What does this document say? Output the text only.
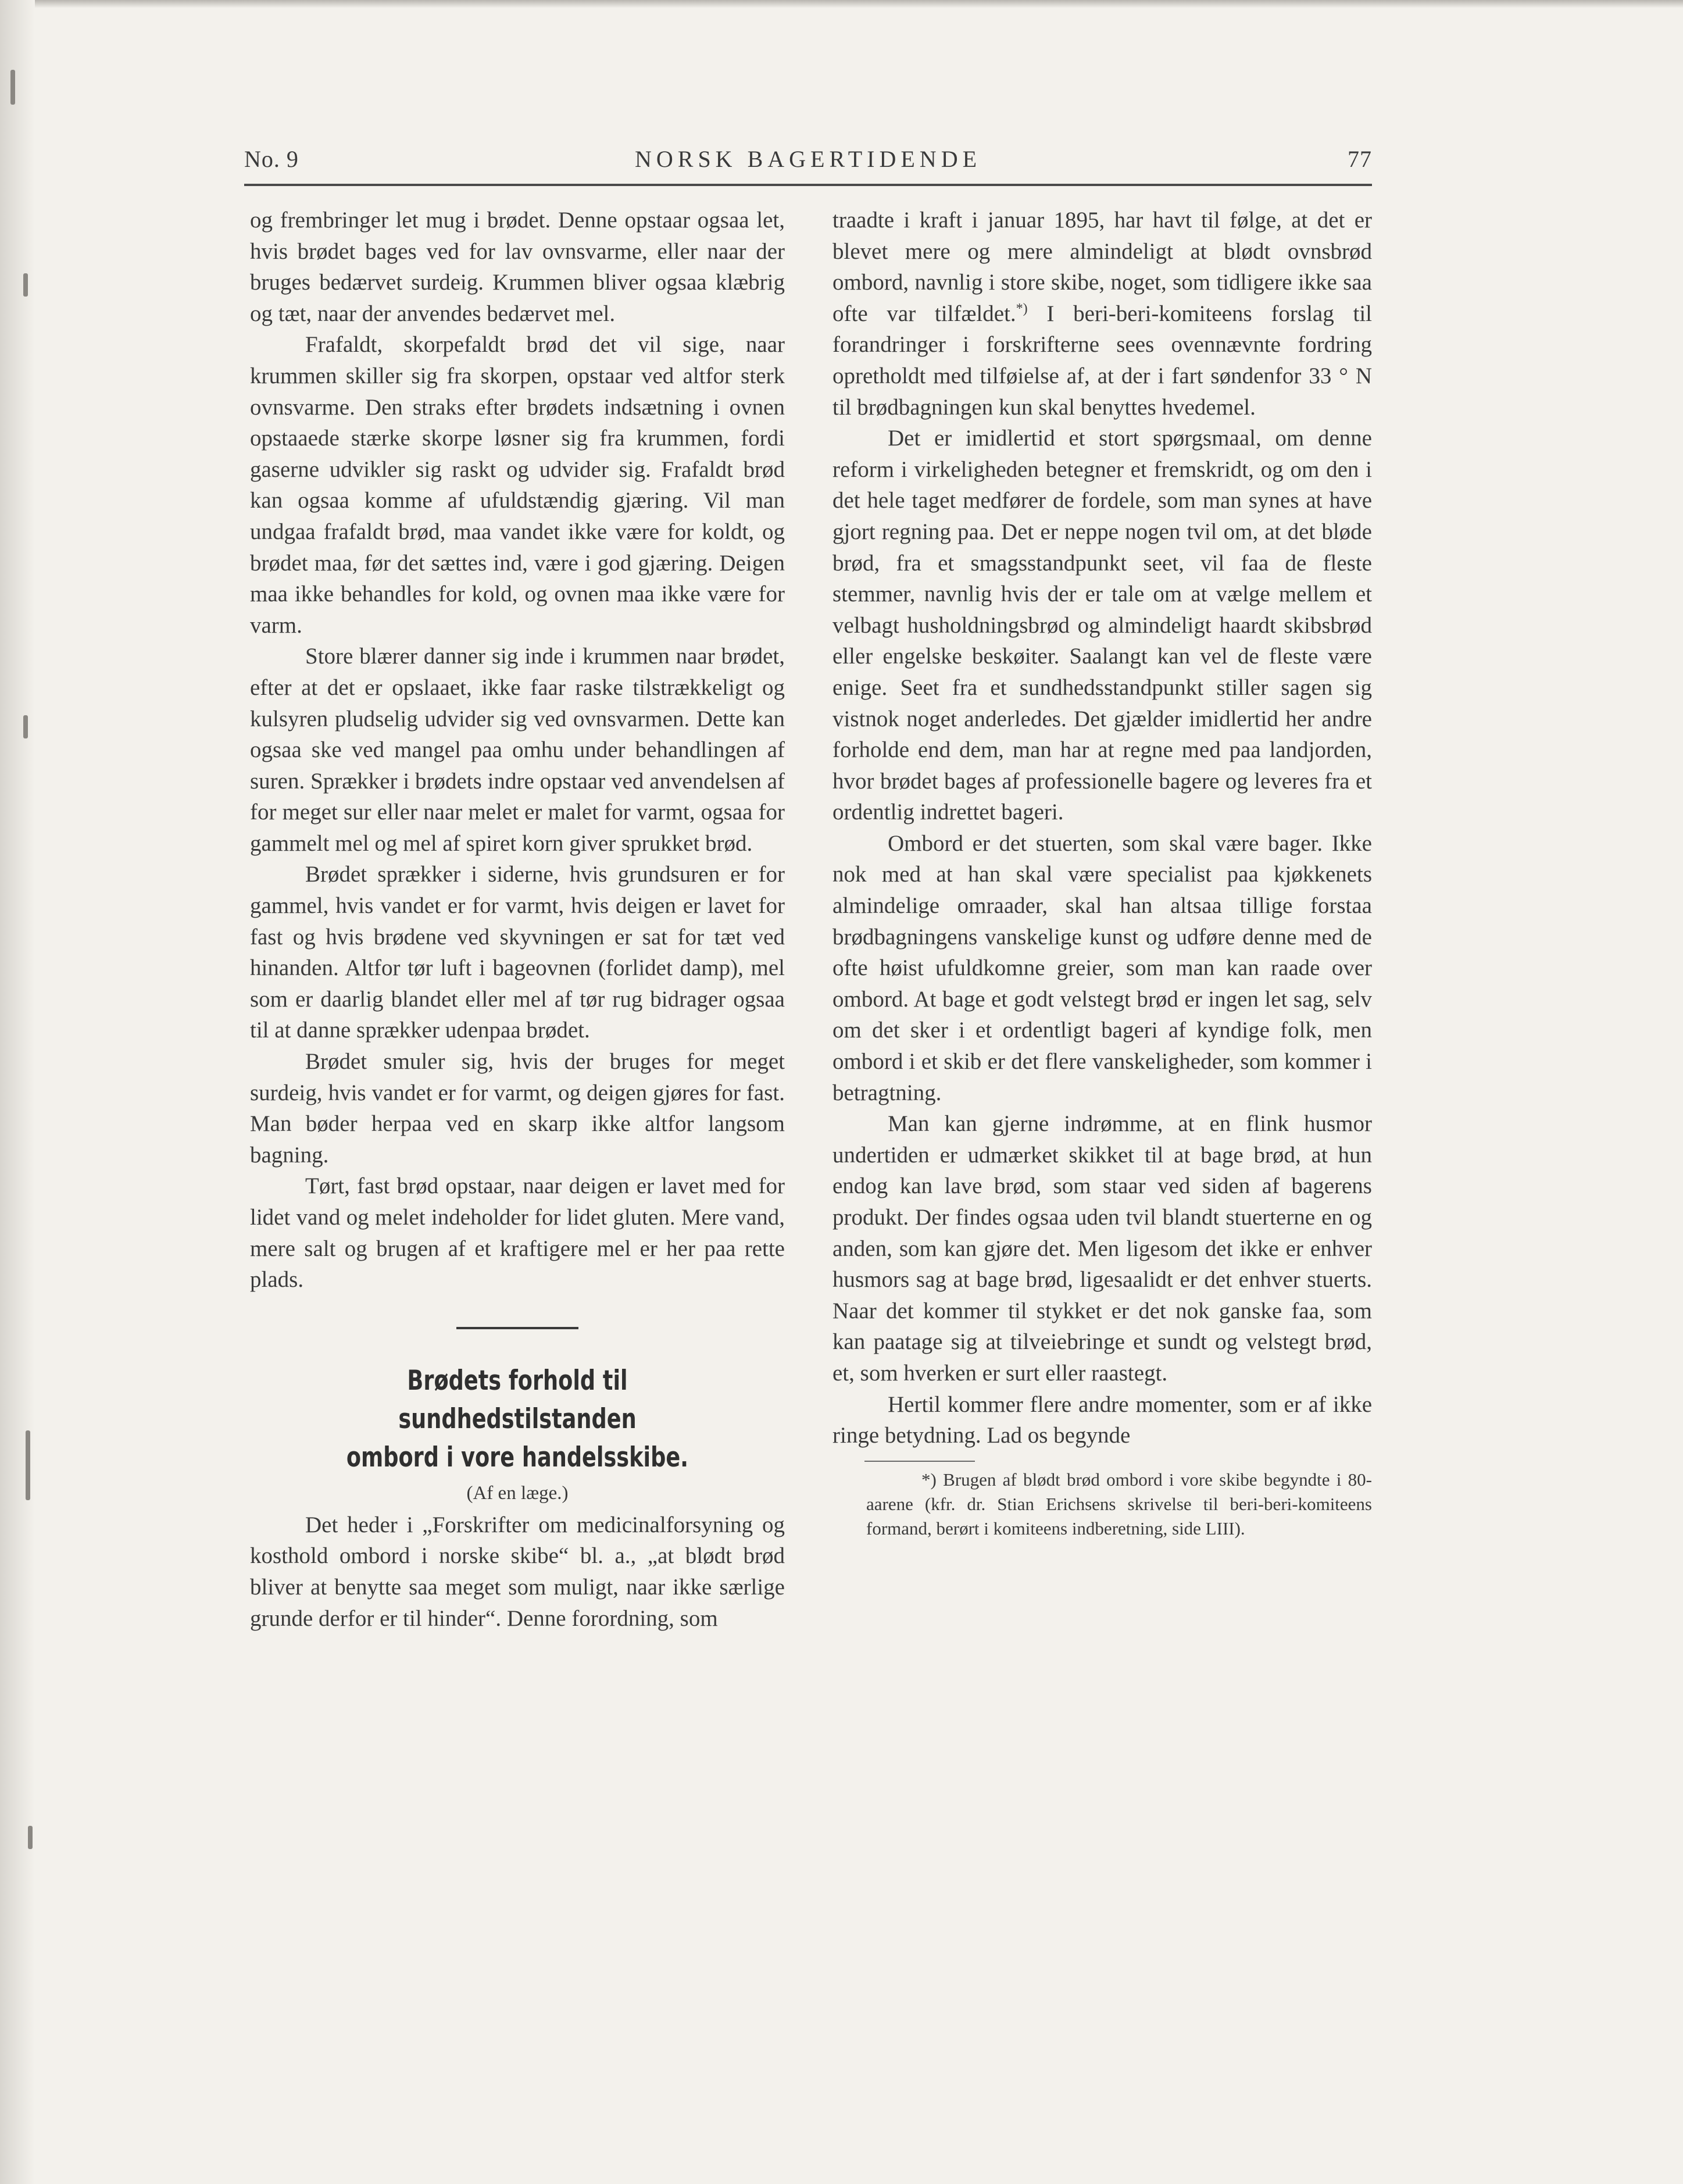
No. 9	NORSK BAGERTIDENDE	77

og frembringer let mug i brødet. Denne opstaar ogsaa let, hvis brødet bages ved for lav ovnsvarme, eller naar der bruges bedærvet surdeig. Krummen bliver ogsaa klæbrig og tæt, naar der anvendes bedærvet mel.

Frafaldt, skorpefaldt brød det vil sige, naar krummen skiller sig fra skorpen, opstaar ved altfor sterk ovnsvarme. Den straks efter brødets indsætning i ovnen opstaaede stærke skorpe løsner sig fra krummen, fordi gaserne udvikler sig raskt og udvider sig. Frafaldt brød kan ogsaa komme af ufuldstændig gjæring. Vil man undgaa frafaldt brød, maa vandet ikke være for koldt, og brødet maa, før det sættes ind, være i god gjæring. Deigen maa ikke behandles for kold, og ovnen maa ikke være for varm.

Store blærer danner sig inde i krummen naar brødet, efter at det er opslaaet, ikke faar raske tilstrækkeligt og kulsyren pludselig udvider sig ved ovnsvarmen. Dette kan ogsaa ske ved mangel paa omhu under behandlingen af suren. Sprækker i brødets indre opstaar ved anvendelsen af for meget sur eller naar melet er malet for varmt, ogsaa for gammelt mel og mel af spiret korn giver sprukket brød.

Brødet sprækker i siderne, hvis grundsuren er for gammel, hvis vandet er for varmt, hvis deigen er lavet for fast og hvis brødene ved skyvningen er sat for tæt ved hinanden. Altfor tør luft i bageovnen (forlidet damp), mel som er daarlig blandet eller mel af tør rug bidrager ogsaa til at danne sprækker udenpaa brødet.

Brødet smuler sig, hvis der bruges for meget surdeig, hvis vandet er for varmt, og deigen gjøres for fast. Man bøder herpaa ved en skarp ikke altfor langsom bagning.

Tørt, fast brød opstaar, naar deigen er lavet med for lidet vand og melet indeholder for lidet gluten. Mere vand, mere salt og brugen af et kraftigere mel er her paa rette plads.

Brødets forhold til sundhedstilstanden

ombord i vore handelsskibe.

(Af en læge.)

Det heder i „Forskrifter om medicinalforsyning og kosthold ombord i norske skibe“ bl. a., „at blødt brød bliver at benytte saa meget som muligt, naar ikke særlige grunde derfor er til hinder“. Denne forordning, som

traadte i kraft i januar 1895, har havt til følge, at det er blevet mere og mere almindeligt at blødt ovnsbrød ombord, navnlig i store skibe, noget, som tidligere ikke saa ofte var tilfældet.*) I beri-beri-komiteens forslag til forandringer i forskrifterne sees ovennævnte fordring opretholdt med tilføielse af, at der i fart søndenfor 33 ° N til brødbagningen kun skal benyttes hvedemel.

Det er imidlertid et stort spørgsmaal, om denne reform i virkeligheden betegner et fremskridt, og om den i det hele taget medfører de fordele, som man synes at have gjort regning paa. Det er neppe nogen tvil om, at det bløde brød, fra et smagsstandpunkt seet, vil faa de fleste stemmer, navnlig hvis der er tale om at vælge mellem et velbagt husholdningsbrød og almindeligt haardt skibsbrød eller engelske beskøiter. Saalangt kan vel de fleste være enige. Seet fra et sundhedsstandpunkt stiller sagen sig vistnok noget anderledes. Det gjælder imidlertid her andre forholde end dem, man har at regne med paa landjorden, hvor brødet bages af professionelle bagere og leveres fra et ordentlig indrettet bageri.

Ombord er det stuerten, som skal være bager. Ikke nok med at han skal være specialist paa kjøkkenets almindelige omraader, skal han altsaa tillige forstaa brødbagningens vanskelige kunst og udføre denne med de ofte høist ufuldkomne greier, som man kan raade over ombord. At bage et godt velstegt brød er ingen let sag, selv om det sker i et ordentligt bageri af kyndige folk, men ombord i et skib er det flere vanskeligheder, som kommer i betragtning.

Man kan gjerne indrømme, at en flink husmor undertiden er udmærket skikket til at bage brød, at hun endog kan lave brød, som staar ved siden af bagerens produkt. Der findes ogsaa uden tvil blandt stuerterne en og anden, som kan gjøre det. Men ligesom det ikke er enhver husmors sag at bage brød, ligesaalidt er det enhver stuerts. Naar det kommer til stykket er det nok ganske faa, som kan paatage sig at tilveiebringe et sundt og velstegt brød, et, som hverken er surt eller raastegt.

Hertil kommer flere andre momenter, som er af ikke ringe betydning. Lad os begynde

*) Brugen af blødt brød ombord i vore skibe begyndte i 80-aarene (kfr. dr. Stian Erichsens skrivelse til beri-beri-komiteens formand, berørt i komiteens indberetning, side LIII).
